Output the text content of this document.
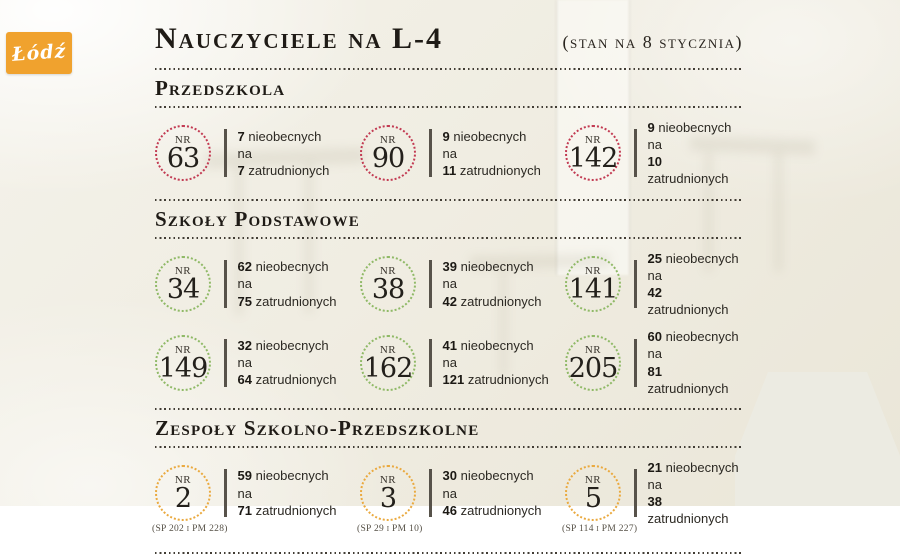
Łódź	Nauczyciele na L-4	(stan na 8 stycznia)
Przedszkola
NR
63
7 nieobecnych
na
7 zatrudnionych
NR
90
9 nieobecnych
na
11 zatrudnionych
NR
142
9 nieobecnych
na
10 zatrudnionych
Szkoły Podstawowe
NR
34
62 nieobecnych
na
75 zatrudnionych
NR
38
39 nieobecnych
na
42 zatrudnionych
NR
141
25 nieobecnych
na
42 zatrudnionych
NR
149
32 nieobecnych
na
64 zatrudnionych
NR
162
41 nieobecnych
na
121 zatrudnionych
NR
205
60 nieobecnych
na
81 zatrudnionych
Zespoły Szkolno-Przedszkolne
NR
2
(SP 202 i PM 228)
59 nieobecnych
na
71 zatrudnionych
NR
3
(SP 29 i PM 10)
30 nieobecnych
na
46 zatrudnionych
NR
5
(SP 114 i PM 227)
21 nieobecnych
na
38 zatrudnionych
